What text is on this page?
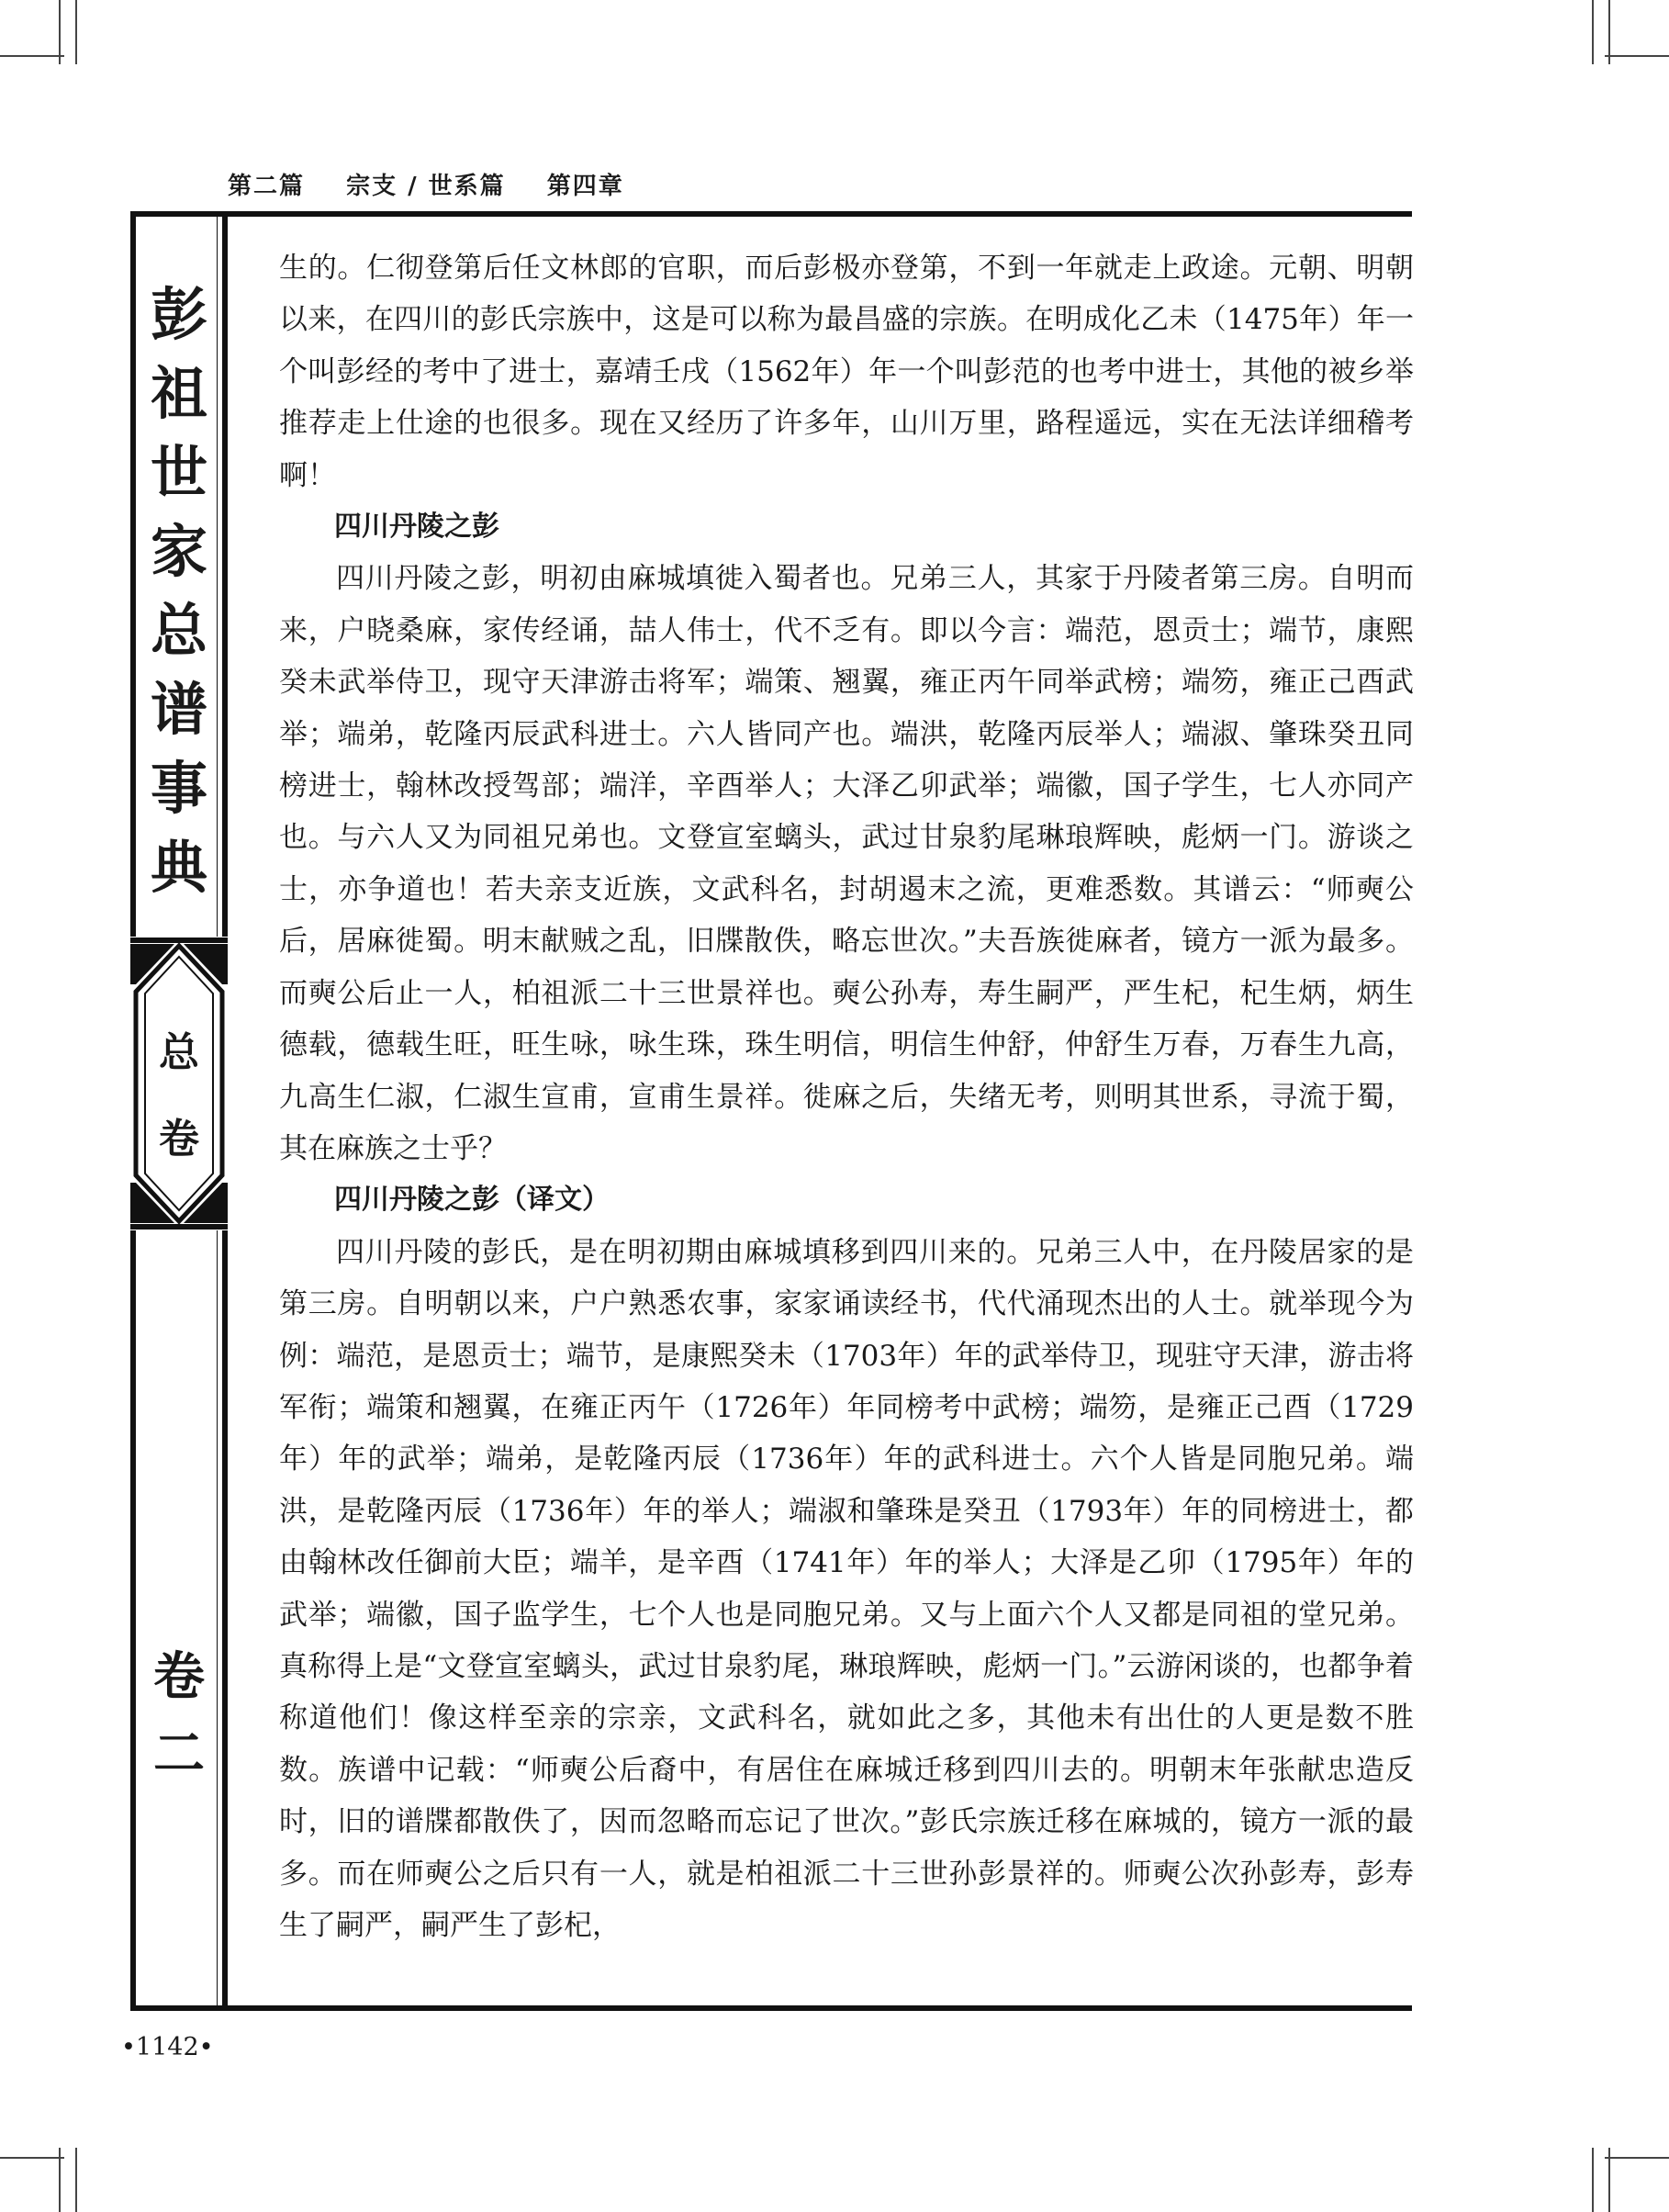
第二篇 宗支 / 世系篇 第四章
彭
祖
世
家
总
谱
事
典
总
卷
卷
二

生的。仁彻登第后任文林郎的官职，而后彭极亦登第，不到一年就走上政途。元朝、明朝以来，在四川的彭氏宗族中，这是可以称为最昌盛的宗族。在明成化乙未（1475年）年一个叫彭经的考中了进士，嘉靖壬戌（1562年）年一个叫彭范的也考中进士，其他的被乡举推荐走上仕途的也很多。现在又经历了许多年，山川万里，路程遥远，实在无法详细稽考啊！

四川丹陵之彭

四川丹陵之彭，明初由麻城填徙入蜀者也。兄弟三人，其家于丹陵者第三房。自明而来，户晓桑麻，家传经诵，喆人伟士，代不乏有。即以今言：端范，恩贡士；端节，康熙癸未武举侍卫，现守天津游击将军；端策、翘翼，雍正丙午同举武榜；端笏，雍正己酉武举；端弟，乾隆丙辰武科进士。六人皆同产也。端洪，乾隆丙辰举人；端淑、肇珠癸丑同榜进士，翰林改授驾部；端洋，辛酉举人；大泽乙卯武举；端徽，国子学生，七人亦同产也。与六人又为同祖兄弟也。文登宣室螭头，武过甘泉豹尾琳琅辉映，彪炳一门。游谈之士，亦争道也！若夫亲支近族，文武科名，封胡遏末之流，更难悉数。其谱云：“师奭公后，居麻徙蜀。明末献贼之乱，旧牒散佚，略忘世次。”夫吾族徙麻者，镜方一派为最多。而奭公后止一人，柏祖派二十三世景祥也。奭公孙寿，寿生嗣严，严生杞，杞生炳，炳生德载，德载生旺，旺生咏，咏生珠，珠生明信，明信生仲舒，仲舒生万春，万春生九高，九高生仁淑，仁淑生宣甫，宣甫生景祥。徙麻之后，失绪无考，则明其世系，寻流于蜀，其在麻族之士乎？

四川丹陵之彭（译文）

四川丹陵的彭氏，是在明初期由麻城填移到四川来的。兄弟三人中，在丹陵居家的是第三房。自明朝以来，户户熟悉农事，家家诵读经书，代代涌现杰出的人士。就举现今为例：端范，是恩贡士；端节，是康熙癸未（1703年）年的武举侍卫，现驻守天津，游击将军衔；端策和翘翼，在雍正丙午（1726年）年同榜考中武榜；端笏，是雍正己酉（1729年）年的武举；端弟，是乾隆丙辰（1736年）年的武科进士。六个人皆是同胞兄弟。端洪，是乾隆丙辰（1736年）年的举人；端淑和肇珠是癸丑（1793年）年的同榜进士，都由翰林改任御前大臣；端羊，是辛酉（1741年）年的举人；大泽是乙卯（1795年）年的武举；端徽，国子监学生，七个人也是同胞兄弟。又与上面六个人又都是同祖的堂兄弟。真称得上是“文登宣室螭头，武过甘泉豹尾，琳琅辉映，彪炳一门。”云游闲谈的，也都争着称道他们！像这样至亲的宗亲，文武科名，就如此之多，其他未有出仕的人更是数不胜数。族谱中记载：“师奭公后裔中，有居住在麻城迁移到四川去的。明朝末年张献忠造反时，旧的谱牒都散佚了，因而忽略而忘记了世次。”彭氏宗族迁移在麻城的，镜方一派的最多。而在师奭公之后只有一人，就是柏祖派二十三世孙彭景祥的。师奭公次孙彭寿，彭寿生了嗣严，嗣严生了彭杞，

•1142•
